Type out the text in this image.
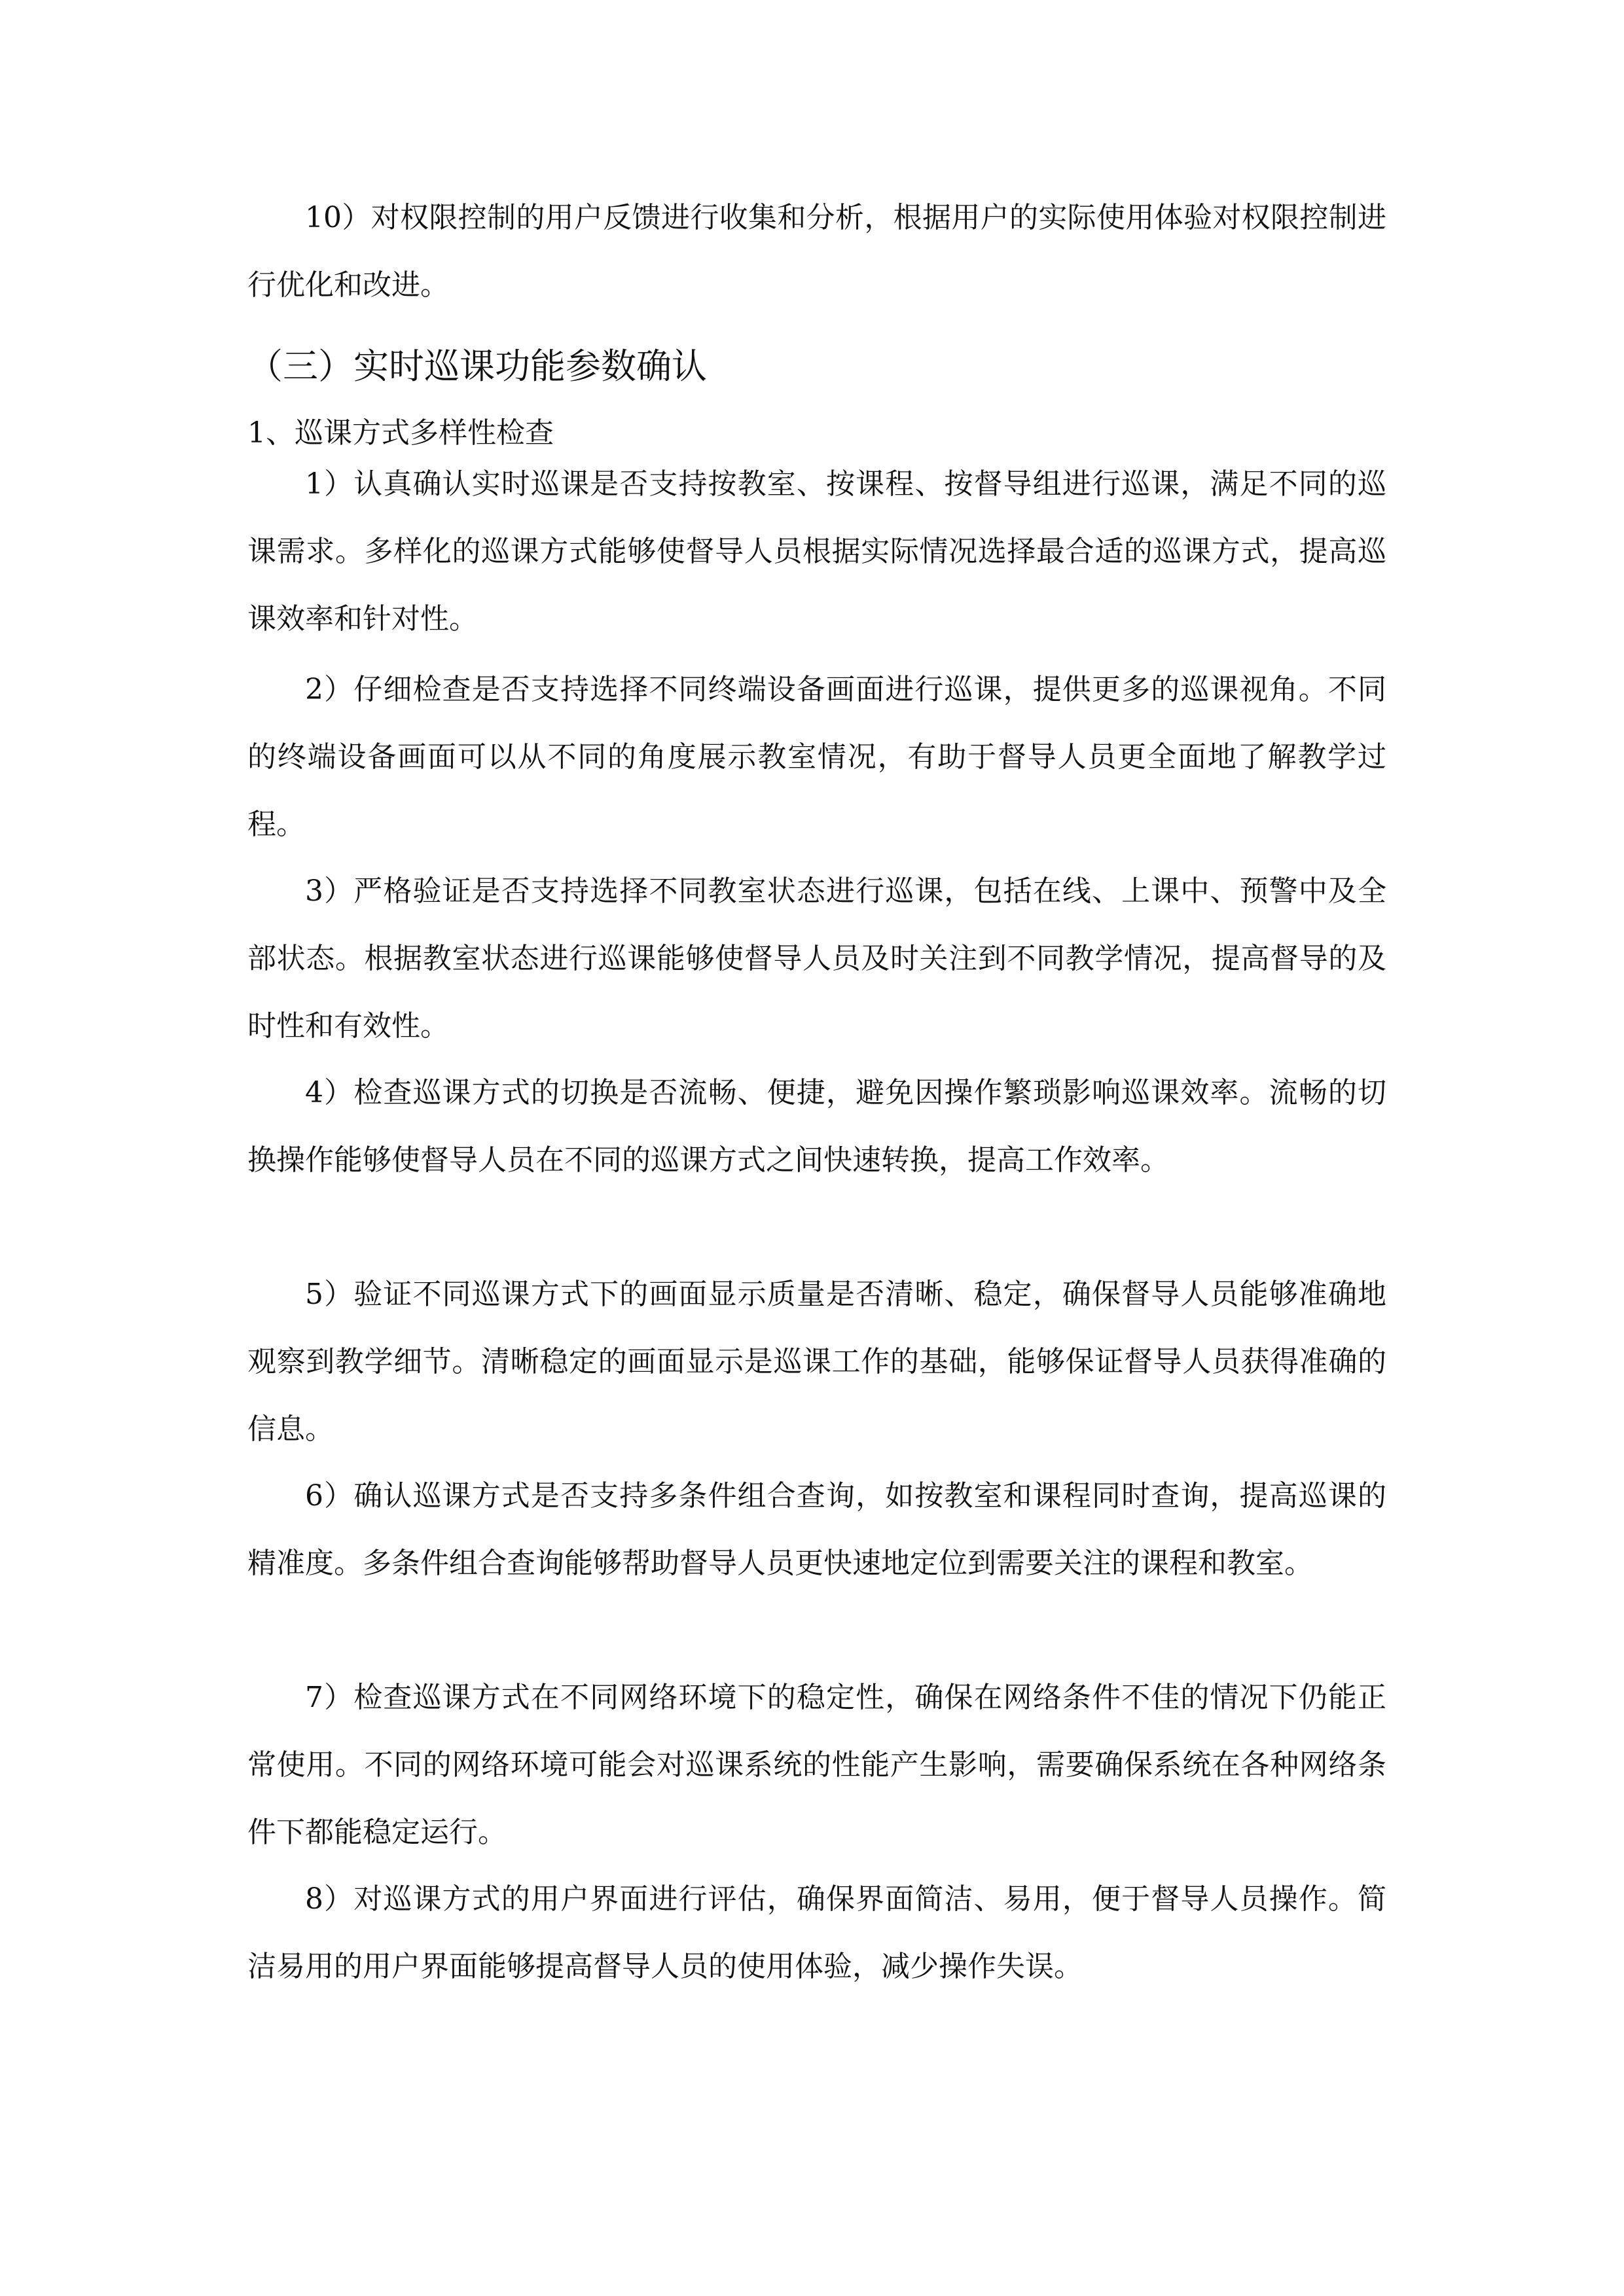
10）对权限控制的用户反馈进行收集和分析，根据用户的实际使用体验对权限控制进行优化和改进。

（三）实时巡课功能参数确认
1、巡课方式多样性检查

1）认真确认实时巡课是否支持按教室、按课程、按督导组进行巡课，满足不同的巡课需求。多样化的巡课方式能够使督导人员根据实际情况选择最合适的巡课方式，提高巡课效率和针对性。

2）仔细检查是否支持选择不同终端设备画面进行巡课，提供更多的巡课视角。不同的终端设备画面可以从不同的角度展示教室情况，有助于督导人员更全面地了解教学过程。

3）严格验证是否支持选择不同教室状态进行巡课，包括在线、上课中、预警中及全部状态。根据教室状态进行巡课能够使督导人员及时关注到不同教学情况，提高督导的及时性和有效性。

4）检查巡课方式的切换是否流畅、便捷，避免因操作繁琐影响巡课效率。流畅的切换操作能够使督导人员在不同的巡课方式之间快速转换，提高工作效率。

5）验证不同巡课方式下的画面显示质量是否清晰、稳定，确保督导人员能够准确地观察到教学细节。清晰稳定的画面显示是巡课工作的基础，能够保证督导人员获得准确的信息。

6）确认巡课方式是否支持多条件组合查询，如按教室和课程同时查询，提高巡课的精准度。多条件组合查询能够帮助督导人员更快速地定位到需要关注的课程和教室。

7）检查巡课方式在不同网络环境下的稳定性，确保在网络条件不佳的情况下仍能正常使用。不同的网络环境可能会对巡课系统的性能产生影响，需要确保系统在各种网络条件下都能稳定运行。

8）对巡课方式的用户界面进行评估，确保界面简洁、易用，便于督导人员操作。简洁易用的用户界面能够提高督导人员的使用体验，减少操作失误。
